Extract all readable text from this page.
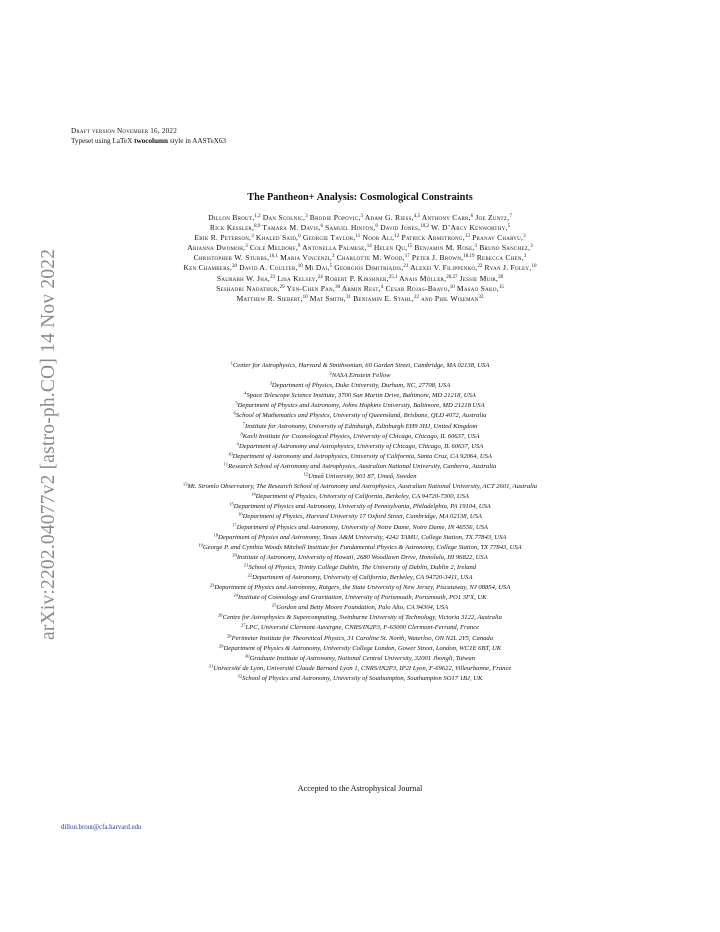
arXiv:2202.04077v2 [astro-ph.CO] 14 Nov 2022
Draft version November 16, 2022
Typeset using LaTeX twocolumn style in AASTeX63
The Pantheon+ Analysis: Cosmological Constraints
Dillon Brout,$^{1,2}$ Dan Scolnic,$^3$ Brodie Popovic,$^3$ Adam G. Riess,$^{4,5}$ Anthony Carr,$^6$ Joe Zuntz,$^7$
Rick Kessler,$^{8,9}$ Tamara M. Davis,$^6$ Samuel Hinton,$^6$ David Jones,$^{10,2}$ W. D’Arcy Kenworthy,$^5$
Erik R. Peterson,$^3$ Khaled Said,$^6$ Georgie Taylor,$^{11}$ Noor Ali,$^{12}$ Patrick Armstrong,$^{13}$ Pranav Charvu,$^3$
Arianna Dwomoh,$^3$ Cole Meldorf,$^9$ Antonella Palmese,$^{14}$ Helen Qu,$^{15}$ Benjamin M. Rose,$^3$ Bruno Sanchez,$^3$
Christopher W. Stubbs,$^{16,1}$ Maria Vincenzi,$^3$ Charlotte M. Wood,$^{17}$ Peter J. Brown,$^{18,19}$ Rebecca Chen,$^3$
Ken Chambers,$^{20}$ David A. Coulter,$^{10}$ Mi Dai,$^5$ Georgios Dimitriadis,$^{21}$ Alexei V. Filippenko,$^{22}$ Ryan J. Foley,$^{10}$
Saurabh W. Jha,$^{23}$ Lisa Kelsey,$^{24}$ Robert P. Kirshner,$^{25,1}$ Anais Möller,$^{26,27}$ Jessie Muir,$^{28}$
Seshadri Nadathur,$^{29}$ Yen-Chen Pan,$^{30}$ Armin Rest,$^4$ Cesar Rojas-Bravo,$^{10}$ Masao Sako,$^{15}$
Matthew R. Siebert,$^{10}$ Mat Smith,$^{31}$ Benjamin E. Stahl,$^{22}$ and Phil Wiseman$^{32}$
$^1$Center for Astrophysics, Harvard & Smithsonian, 60 Garden Street, Cambridge, MA 02138, USA
$^2$NASA Einstein Fellow
$^3$Department of Physics, Duke University, Durham, NC, 27708, USA
$^4$Space Telescope Science Institute, 3700 San Martin Drive, Baltimore, MD 21218, USA
$^5$Department of Physics and Astronomy, Johns Hopkins University, Baltimore, MD 21218 USA
$^6$School of Mathematics and Physics, University of Queensland, Brisbane, QLD 4072, Australia
$^7$Institute for Astronomy, University of Edinburgh, Edinburgh EH9 3HJ, United Kingdom
$^8$Kavli Institute for Cosmological Physics, University of Chicago, Chicago, IL 60637, USA
$^9$Department of Astronomy and Astrophysics, University of Chicago, Chicago, IL 60637, USA
$^{10}$Department of Astronomy and Astrophysics, University of California, Santa Cruz, CA 92064, USA
$^{11}$Research School of Astronomy and Astrophysics, Australian National University, Canberra, Australia
$^{12}$Umeå University, 901 87, Umeå, Sweden
$^{13}$Mt. Stromlo Observatory, The Research School of Astronomy and Astrophysics, Australian National University, ACT 2601, Australia
$^{14}$Department of Physics, University of California, Berkeley, CA 94720-7300, USA
$^{15}$Department of Physics and Astronomy, University of Pennsylvania, Philadelphia, PA 19104, USA
$^{16}$Department of Physics, Harvard University 17 Oxford Street, Cambridge, MA 02138, USA
$^{17}$Department of Physics and Astronomy, University of Notre Dame, Notre Dame, IN 46556, USA
$^{18}$Department of Physics and Astronomy, Texas A&M University, 4242 TAMU, College Station, TX 77843, USA
$^{19}$George P. and Cynthia Woods Mitchell Institute for Fundamental Physics & Astronomy, College Station, TX 77843, USA
$^{20}$Institute of Astronomy, University of Hawaii, 2680 Woodlawn Drive, Honolulu, HI 96822, USA
$^{21}$School of Physics, Trinity College Dublin, The University of Dublin, Dublin 2, Ireland
$^{22}$Department of Astronomy, University of California, Berkeley, CA 94720-3411, USA
$^{23}$Department of Physics and Astronomy, Rutgers, the State University of New Jersey, Piscataway, NJ 08854, USA
$^{24}$Institute of Cosmology and Gravitation, University of Portsmouth, Portsmouth, PO1 3FX, UK
$^{25}$Gordon and Betty Moore Foundation, Palo Alto, CA 94304, USA
$^{26}$Centre for Astrophysics & Supercomputing, Swinburne University of Technology, Victoria 3122, Australia
$^{27}$LPC, Université Clermont Auvergne, CNRS/IN2P3, F-63000 Clermont-Ferrand, France
$^{28}$Perimeter Institute for Theoretical Physics, 31 Caroline St. North, Waterloo, ON N2L 2Y5, Canada
$^{29}$Department of Physics & Astronomy, University College London, Gower Street, London, WC1E 6BT, UK
$^{30}$Graduate Institute of Astronomy, National Central University, 32001 Jhongli, Taiwan
$^{31}$Université de Lyon, Université Claude Bernard Lyon 1, CNRS/IN2P3, IP2I Lyon, F-69622, Villeurbanne, France
$^{32}$School of Physics and Astronomy, University of Southampton, Southampton SO17 1BJ, UK
Accepted to the Astrophysical Journal
dillon.brout@cfa.harvard.edu
